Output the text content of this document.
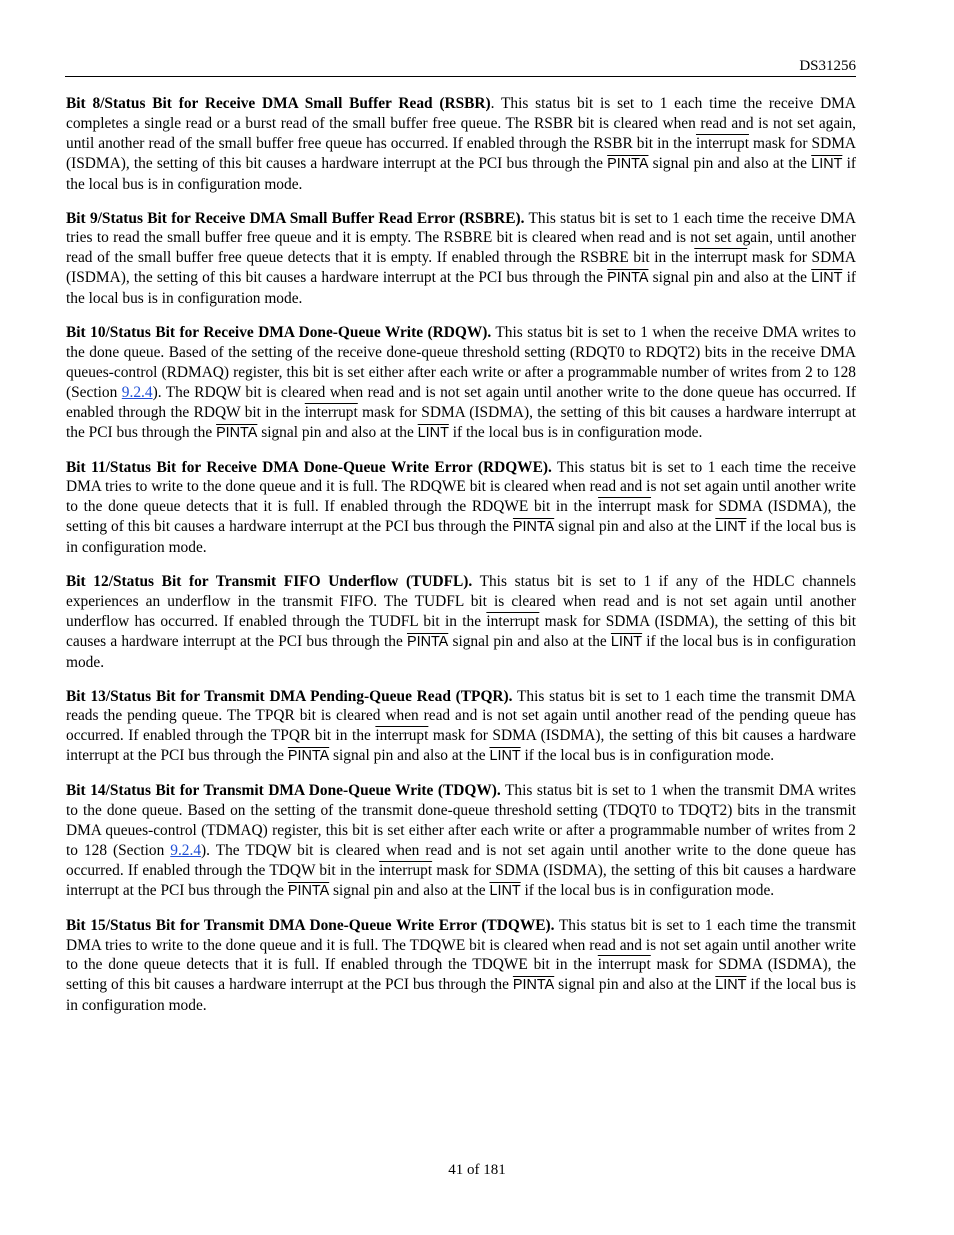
DS31256

Bit 8/Status Bit for Receive DMA Small Buffer Read (RSBR). This status bit is set to 1 each time the receive DMA completes a single read or a burst read of the small buffer free queue. The RSBR bit is cleared when read and is not set again, until another read of the small buffer free queue has occurred. If enabled through the RSBR bit in the interrupt mask for SDMA (ISDMA), the setting of this bit causes a hardware interrupt at the PCI bus through the PINTA signal pin and also at the LINT if the local bus is in configuration mode.

Bit 9/Status Bit for Receive DMA Small Buffer Read Error (RSBRE). This status bit is set to 1 each time the receive DMA tries to read the small buffer free queue and it is empty. The RSBRE bit is cleared when read and is not set again, until another read of the small buffer free queue detects that it is empty. If enabled through the RSBRE bit in the interrupt mask for SDMA (ISDMA), the setting of this bit causes a hardware interrupt at the PCI bus through the PINTA signal pin and also at the LINT if the local bus is in configuration mode.

Bit 10/Status Bit for Receive DMA Done-Queue Write (RDQW). This status bit is set to 1 when the receive DMA writes to the done queue. Based of the setting of the receive done-queue threshold setting (RDQT0 to RDQT2) bits in the receive DMA queues-control (RDMAQ) register, this bit is set either after each write or after a programmable number of writes from 2 to 128 (Section 9.2.4). The RDQW bit is cleared when read and is not set again until another write to the done queue has occurred. If enabled through the RDQW bit in the interrupt mask for SDMA (ISDMA), the setting of this bit causes a hardware interrupt at the PCI bus through the PINTA signal pin and also at the LINT if the local bus is in configuration mode.

Bit 11/Status Bit for Receive DMA Done-Queue Write Error (RDQWE). This status bit is set to 1 each time the receive DMA tries to write to the done queue and it is full. The RDQWE bit is cleared when read and is not set again until another write to the done queue detects that it is full. If enabled through the RDQWE bit in the interrupt mask for SDMA (ISDMA), the setting of this bit causes a hardware interrupt at the PCI bus through the PINTA signal pin and also at the LINT if the local bus is in configuration mode.

Bit 12/Status Bit for Transmit FIFO Underflow (TUDFL). This status bit is set to 1 if any of the HDLC channels experiences an underflow in the transmit FIFO. The TUDFL bit is cleared when read and is not set again until another underflow has occurred. If enabled through the TUDFL bit in the interrupt mask for SDMA (ISDMA), the setting of this bit causes a hardware interrupt at the PCI bus through the PINTA signal pin and also at the LINT if the local bus is in configuration mode.

Bit 13/Status Bit for Transmit DMA Pending-Queue Read (TPQR). This status bit is set to 1 each time the transmit DMA reads the pending queue. The TPQR bit is cleared when read and is not set again until another read of the pending queue has occurred. If enabled through the TPQR bit in the interrupt mask for SDMA (ISDMA), the setting of this bit causes a hardware interrupt at the PCI bus through the PINTA signal pin and also at the LINT if the local bus is in configuration mode.

Bit 14/Status Bit for Transmit DMA Done-Queue Write (TDQW). This status bit is set to 1 when the transmit DMA writes to the done queue. Based on the setting of the transmit done-queue threshold setting (TDQT0 to TDQT2) bits in the transmit DMA queues-control (TDMAQ) register, this bit is set either after each write or after a programmable number of writes from 2 to 128 (Section 9.2.4). The TDQW bit is cleared when read and is not set again until another write to the done queue has occurred. If enabled through the TDQW bit in the interrupt mask for SDMA (ISDMA), the setting of this bit causes a hardware interrupt at the PCI bus through the PINTA signal pin and also at the LINT if the local bus is in configuration mode.

Bit 15/Status Bit for Transmit DMA Done-Queue Write Error (TDQWE). This status bit is set to 1 each time the transmit DMA tries to write to the done queue and it is full. The TDQWE bit is cleared when read and is not set again until another write to the done queue detects that it is full. If enabled through the TDQWE bit in the interrupt mask for SDMA (ISDMA), the setting of this bit causes a hardware interrupt at the PCI bus through the PINTA signal pin and also at the LINT if the local bus is in configuration mode.

41 of 181
